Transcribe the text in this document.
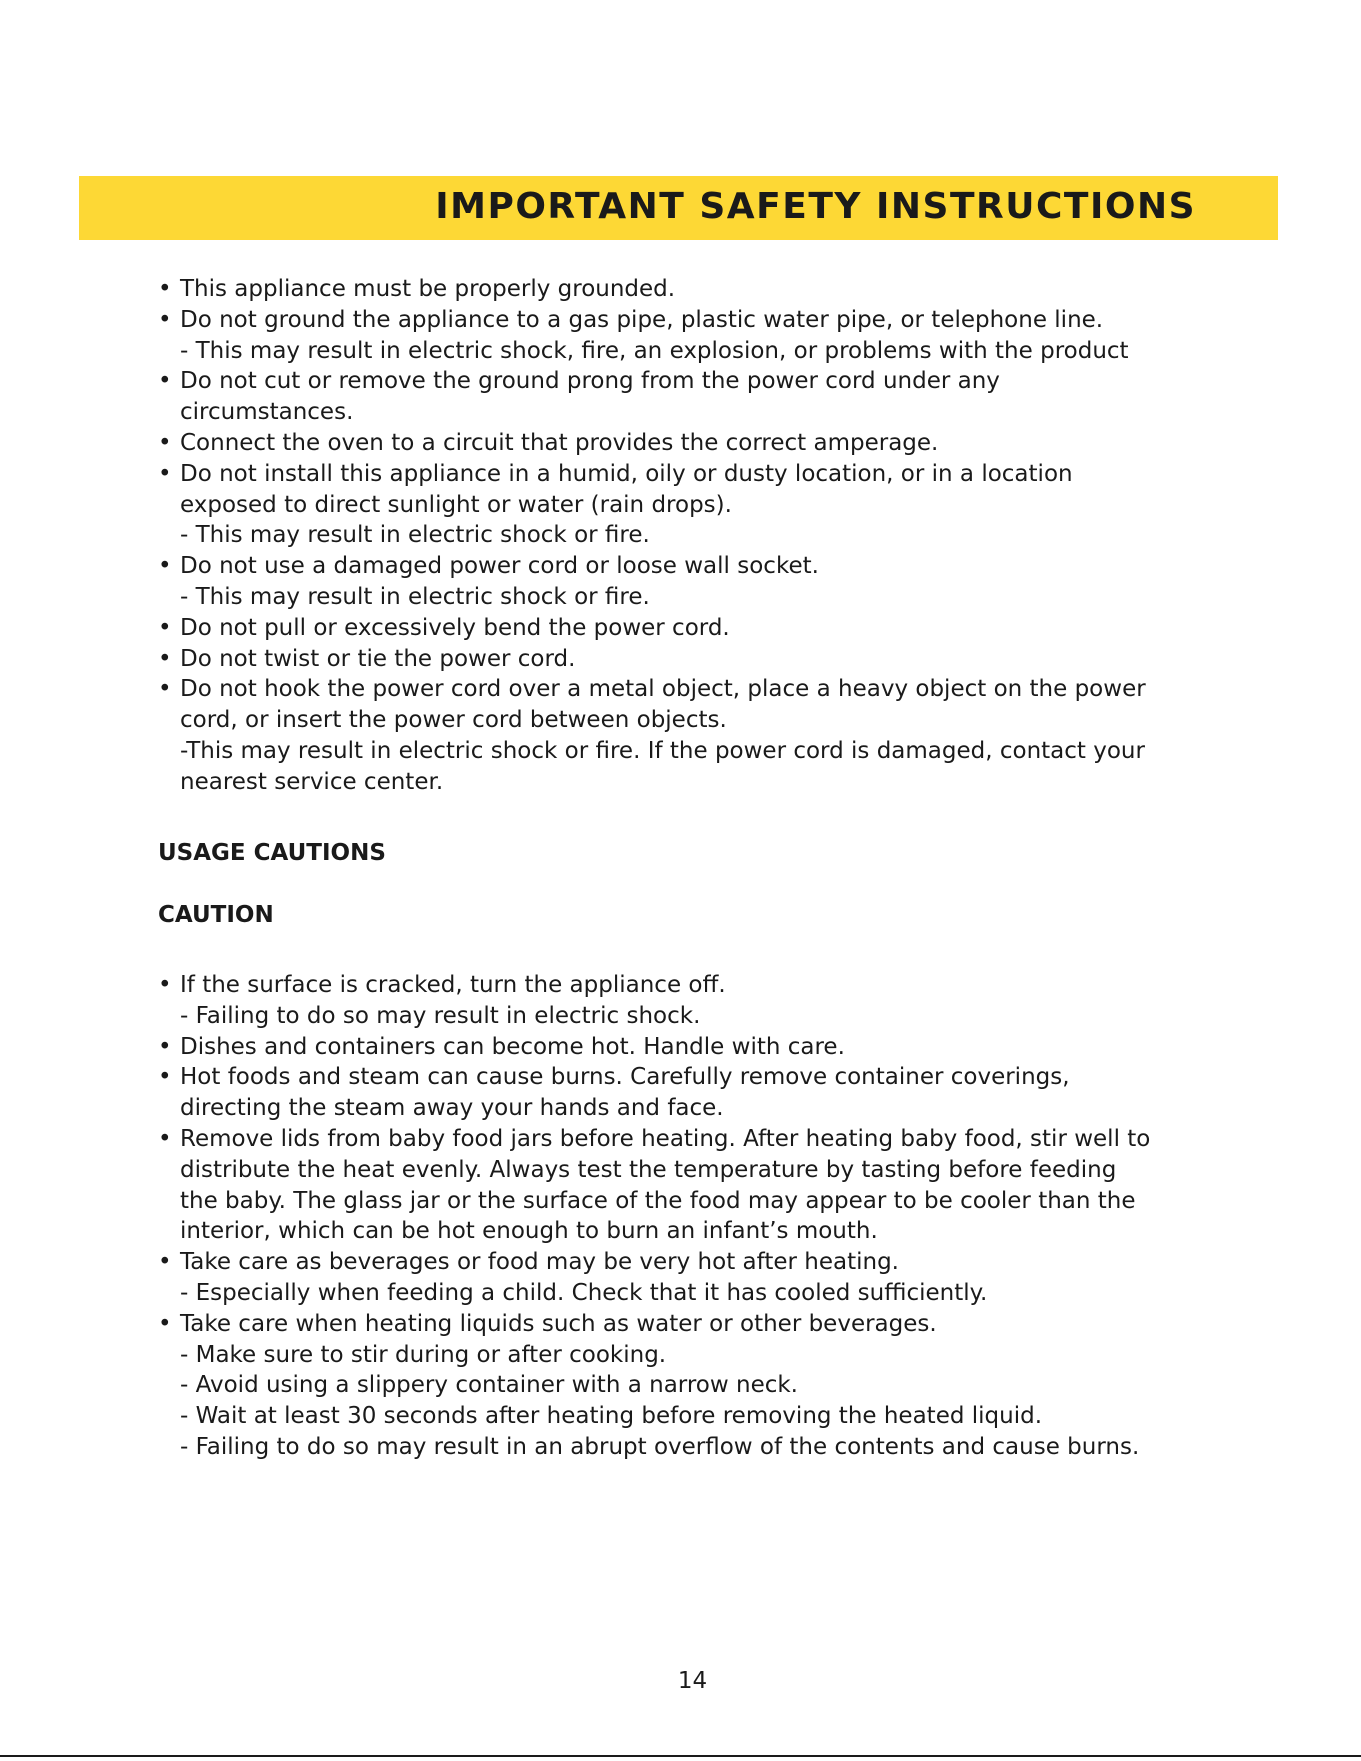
IMPORTANT SAFETY INSTRUCTIONS
• This appliance must be properly grounded.
• Do not ground the appliance to a gas pipe, plastic water pipe, or telephone line.
- This may result in electric shock, fire, an explosion, or problems with the product
• Do not cut or remove the ground prong from the power cord under any
circumstances.
• Connect the oven to a circuit that provides the correct amperage.
• Do not install this appliance in a humid, oily or dusty location, or in a location
exposed to direct sunlight or water (rain drops).
- This may result in electric shock or fire.
• Do not use a damaged power cord or loose wall socket.
- This may result in electric shock or fire.
• Do not pull or excessively bend the power cord.
• Do not twist or tie the power cord.
• Do not hook the power cord over a metal object, place a heavy object on the power
cord, or insert the power cord between objects.
-This may result in electric shock or fire. If the power cord is damaged, contact your
nearest service center.
USAGE CAUTIONS
CAUTION
• If the surface is cracked, turn the appliance off.
- Failing to do so may result in electric shock.
• Dishes and containers can become hot. Handle with care.
• Hot foods and steam can cause burns. Carefully remove container coverings,
directing the steam away your hands and face.
• Remove lids from baby food jars before heating. After heating baby food, stir well to
distribute the heat evenly. Always test the temperature by tasting before feeding
the baby. The glass jar or the surface of the food may appear to be cooler than the
interior, which can be hot enough to burn an infant’s mouth.
• Take care as beverages or food may be very hot after heating.
- Especially when feeding a child. Check that it has cooled sufficiently.
• Take care when heating liquids such as water or other beverages.
- Make sure to stir during or after cooking.
- Avoid using a slippery container with a narrow neck.
- Wait at least 30 seconds after heating before removing the heated liquid.
- Failing to do so may result in an abrupt overflow of the contents and cause burns.
14
